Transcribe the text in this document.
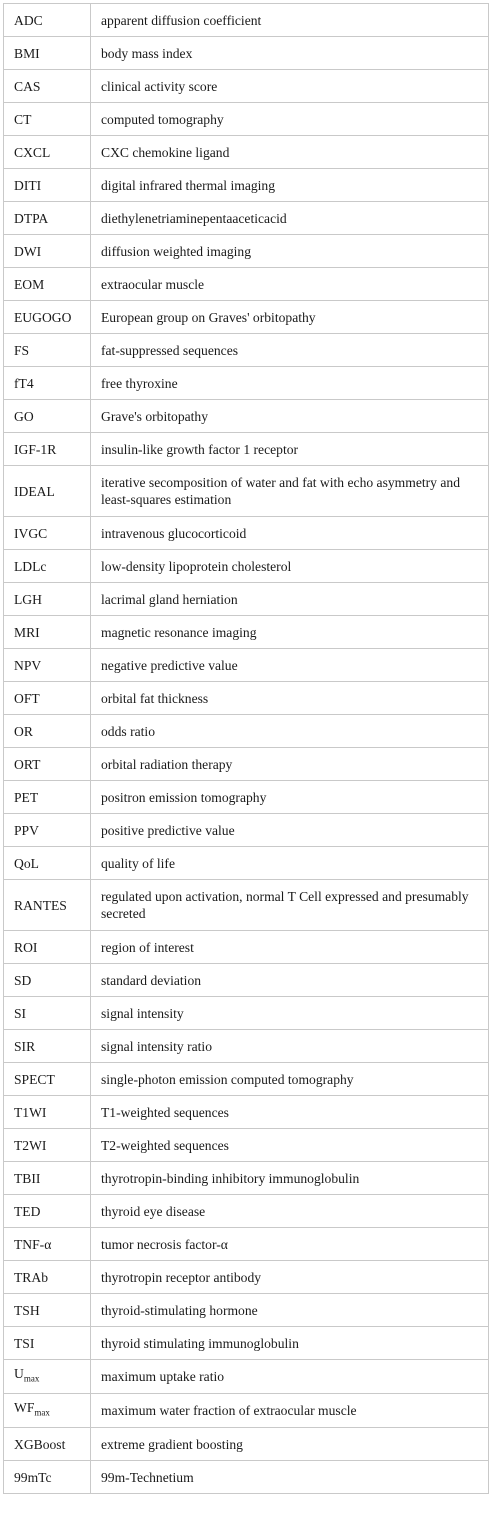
ADC	apparent diffusion coefficient
BMI	body mass index
CAS	clinical activity score
CT	computed tomography
CXCL	CXC chemokine ligand
DITI	digital infrared thermal imaging
DTPA	diethylenetriaminepentaaceticacid
DWI	diffusion weighted imaging
EOM	extraocular muscle
EUGOGO	European group on Graves' orbitopathy
FS	fat-suppressed sequences
fT4	free thyroxine
GO	Grave's orbitopathy
IGF-1R	insulin-like growth factor 1 receptor
IDEAL	iterative secomposition of water and fat with echo asymmetry and least-squares estimation
IVGC	intravenous glucocorticoid
LDLc	low-density lipoprotein cholesterol
LGH	lacrimal gland herniation
MRI	magnetic resonance imaging
NPV	negative predictive value
OFT	orbital fat thickness
OR	odds ratio
ORT	orbital radiation therapy
PET	positron emission tomography
PPV	positive predictive value
QoL	quality of life
RANTES	regulated upon activation, normal T Cell expressed and presumably secreted
ROI	region of interest
SD	standard deviation
SI	signal intensity
SIR	signal intensity ratio
SPECT	single-photon emission computed tomography
T1WI	T1-weighted sequences
T2WI	T2-weighted sequences
TBII	thyrotropin-binding inhibitory immunoglobulin
TED	thyroid eye disease
TNF-α	tumor necrosis factor-α
TRAb	thyrotropin receptor antibody
TSH	thyroid-stimulating hormone
TSI	thyroid stimulating immunoglobulin
$U_{max}$	maximum uptake ratio
$WF_{max}$	maximum water fraction of extraocular muscle
XGBoost	extreme gradient boosting
99mTc	99m-Technetium
